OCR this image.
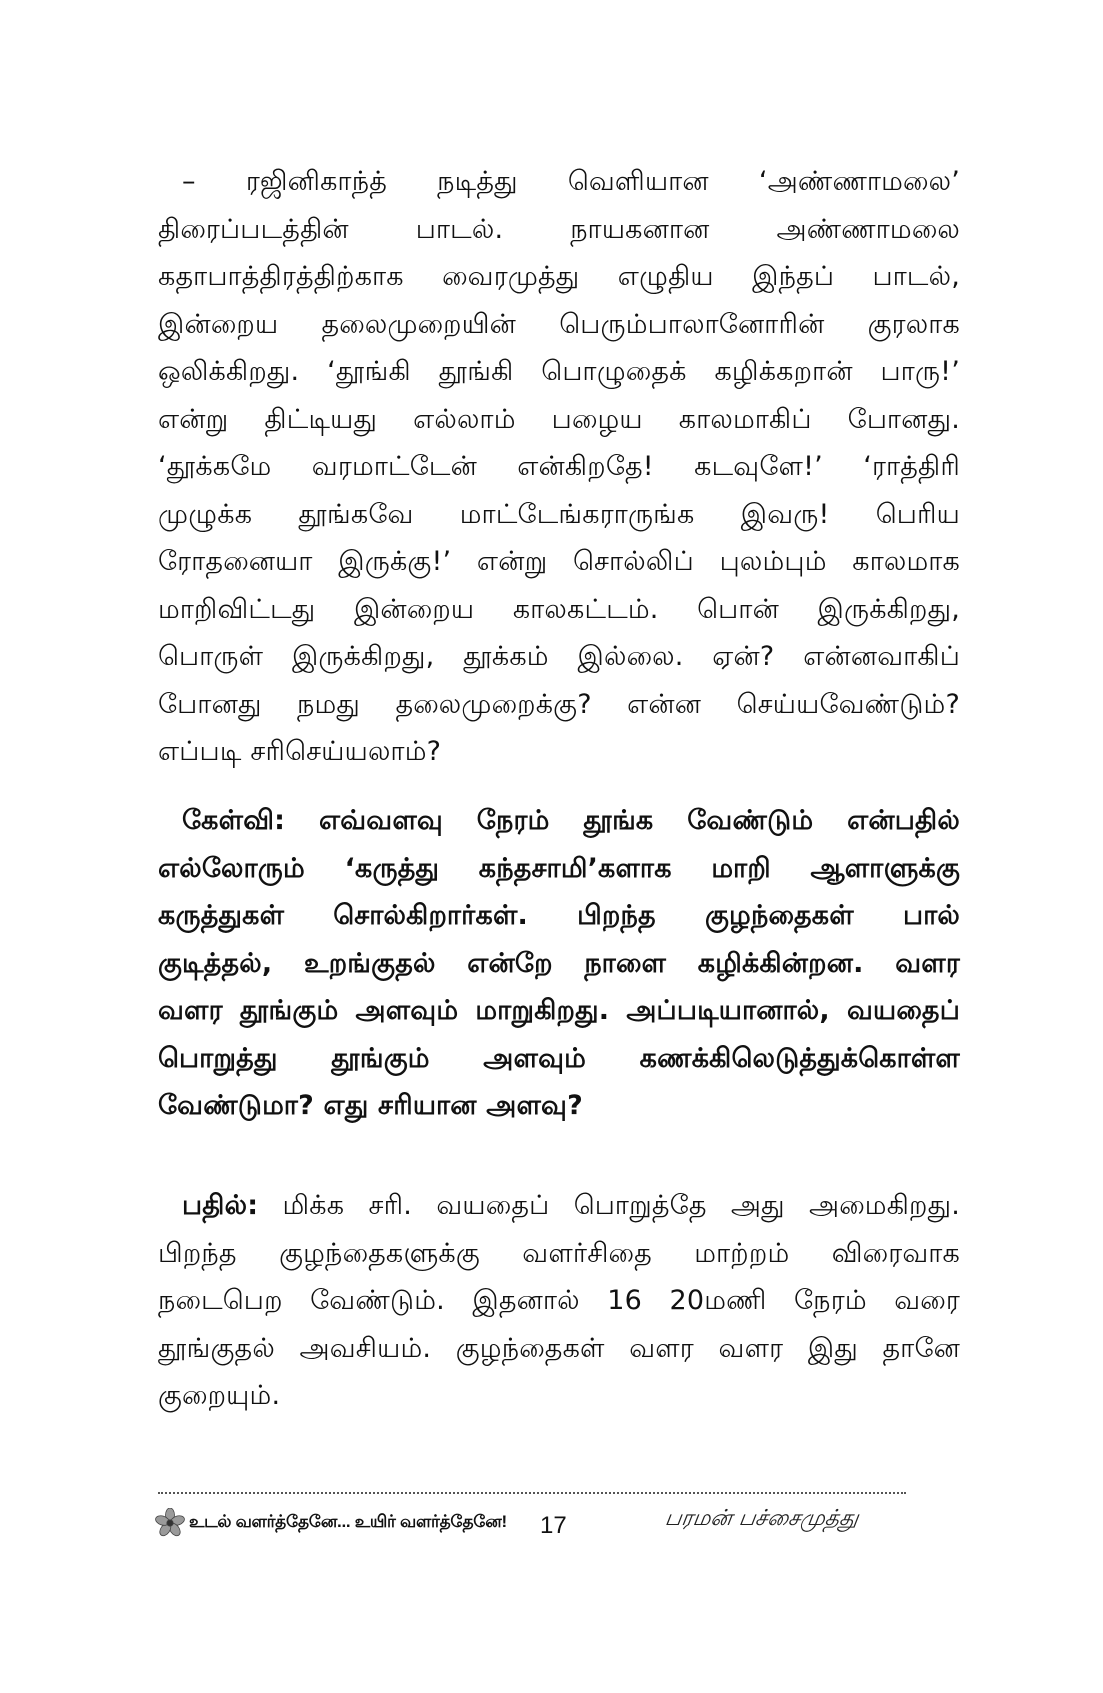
– ரஜினிகாந்த் நடித்து வெளியான ‘அண்ணாமலை’
திரைப்படத்தின் பாடல். நாயகனான அண்ணாமலை
கதாபாத்திரத்திற்காக வைரமுத்து எழுதிய இந்தப் பாடல்,
இன்றைய தலைமுறையின் பெரும்பாலானோரின் குரலாக
ஒலிக்கிறது. ‘தூங்கி தூங்கி பொழுதைக் கழிக்கறான் பாரு!’
என்று திட்டியது எல்லாம் பழைய காலமாகிப் போனது.
‘தூக்கமே வரமாட்டேன் என்கிறதே! கடவுளே!’ ‘ராத்திரி
முழுக்க தூங்கவே மாட்டேங்கராருங்க இவரு! பெரிய
ரோதனையா இருக்கு!’ என்று சொல்லிப் புலம்பும் காலமாக
மாறிவிட்டது இன்றைய காலகட்டம். பொன் இருக்கிறது,
பொருள் இருக்கிறது, தூக்கம் இல்லை. ஏன்? என்னவாகிப்
போனது நமது தலைமுறைக்கு? என்ன செய்யவேண்டும்?
எப்படி சரிசெய்யலாம்?
கேள்வி: எவ்வளவு நேரம் தூங்க வேண்டும் என்பதில்
எல்லோரும் ‘கருத்து கந்தசாமி’களாக மாறி ஆளாளுக்கு
கருத்துகள் சொல்கிறார்கள். பிறந்த குழந்தைகள் பால்
குடித்தல், உறங்குதல் என்றே நாளை கழிக்கின்றன. வளர
வளர தூங்கும் அளவும் மாறுகிறது. அப்படியானால், வயதைப்
பொறுத்து தூங்கும் அளவும் கணக்கிலெடுத்துக்கொள்ள
வேண்டுமா? எது சரியான அளவு?
பதில்: மிக்க சரி. வயதைப் பொறுத்தே அது அமைகிறது.
பிறந்த குழந்தைகளுக்கு வளர்சிதை மாற்றம் விரைவாக
நடைபெற வேண்டும். இதனால் 16 20மணி நேரம் வரை
தூங்குதல் அவசியம். குழந்தைகள் வளர வளர இது தானே
குறையும்.
உடல் வளர்த்தேனே... உயிர் வளர்த்தேனே! 17	பரமன் பச்சைமுத்து
